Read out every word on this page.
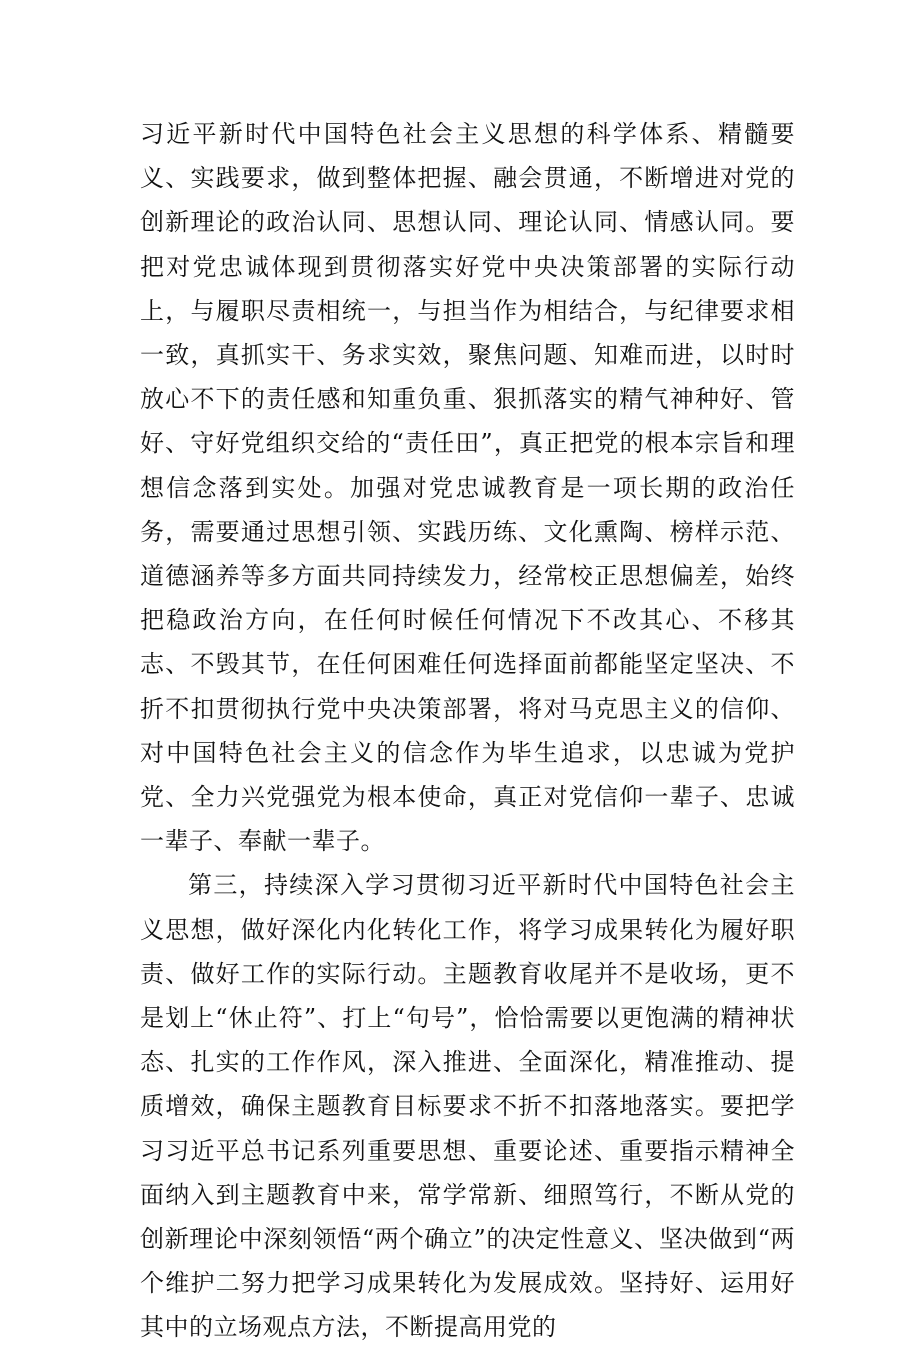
习近平新时代中国特色社会主义思想的科学体系、精髓要义、实践要求，做到整体把握、融会贯通，不断增进对党的创新理论的政治认同、思想认同、理论认同、情感认同。要把对党忠诚体现到贯彻落实好党中央决策部署的实际行动上，与履职尽责相统一，与担当作为相结合，与纪律要求相一致，真抓实干、务求实效，聚焦问题、知难而进，以时时放心不下的责任感和知重负重、狠抓落实的精气神种好、管好、守好党组织交给的“责任田”，真正把党的根本宗旨和理想信念落到实处。加强对党忠诚教育是一项长期的政治任务，需要通过思想引领、实践历练、文化熏陶、榜样示范、道德涵养等多方面共同持续发力，经常校正思想偏差，始终把稳政治方向，在任何时候任何情况下不改其心、不移其志、不毁其节，在任何困难任何选择面前都能坚定坚决、不折不扣贯彻执行党中央决策部署，将对马克思主义的信仰、对中国特色社会主义的信念作为毕生追求，以忠诚为党护党、全力兴党强党为根本使命，真正对党信仰一辈子、忠诚一辈子、奉献一辈子。

第三，持续深入学习贯彻习近平新时代中国特色社会主义思想，做好深化内化转化工作，将学习成果转化为履好职责、做好工作的实际行动。主题教育收尾并不是收场，更不是划上“休止符”、打上“句号”，恰恰需要以更饱满的精神状态、扎实的工作作风，深入推进、全面深化，精准推动、提质增效，确保主题教育目标要求不折不扣落地落实。要把学习习近平总书记系列重要思想、重要论述、重要指示精神全面纳入到主题教育中来，常学常新、细照笃行，不断从党的创新理论中深刻领悟“两个确立”的决定性意义、坚决做到“两个维护二努力把学习成果转化为发展成效。坚持好、运用好其中的立场观点方法，不断提高用党的
